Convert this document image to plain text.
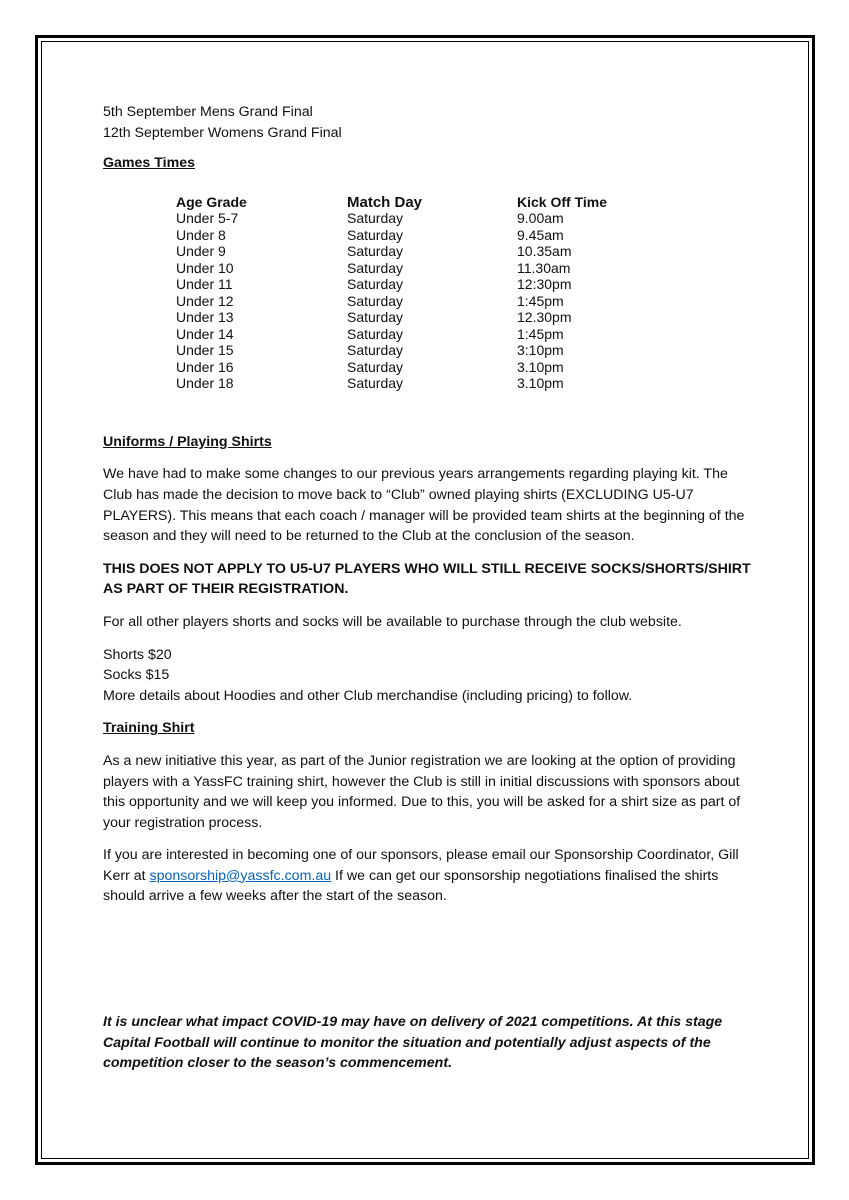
5th September Mens Grand Final

12th September Womens Grand Final

Games Times

Age Grade	Match Day	Kick Off Time
Under 5-7	Saturday	9.00am
Under 8	Saturday	9.45am
Under 9	Saturday	10.35am
Under 10	Saturday	11.30am
Under 11	Saturday	12:30pm
Under 12	Saturday	1:45pm
Under 13	Saturday	12.30pm
Under 14	Saturday	1:45pm
Under 15	Saturday	3:10pm
Under 16	Saturday	3.10pm
Under 18	Saturday	3.10pm

Uniforms / Playing Shirts

We have had to make some changes to our previous years arrangements regarding playing kit. The Club has made the decision to move back to “Club” owned playing shirts (EXCLUDING U5-U7 PLAYERS). This means that each coach / manager will be provided team shirts at the beginning of the season and they will need to be returned to the Club at the conclusion of the season.

THIS DOES NOT APPLY TO U5-U7 PLAYERS WHO WILL STILL RECEIVE SOCKS/SHORTS/SHIRT AS PART OF THEIR REGISTRATION.

For all other players shorts and socks will be available to purchase through the club website.

Shorts $20

Socks $15

More details about Hoodies and other Club merchandise (including pricing) to follow.

Training Shirt

As a new initiative this year, as part of the Junior registration we are looking at the option of providing players with a YassFC training shirt, however the Club is still in initial discussions with sponsors about this opportunity and we will keep you informed. Due to this, you will be asked for a shirt size as part of your registration process.

If you are interested in becoming one of our sponsors, please email our Sponsorship Coordinator, Gill Kerr at sponsorship@yassfc.com.au If we can get our sponsorship negotiations finalised the shirts should arrive a few weeks after the start of the season.

It is unclear what impact COVID-19 may have on delivery of 2021 competitions. At this stage Capital Football will continue to monitor the situation and potentially adjust aspects of the competition closer to the season’s commencement.
